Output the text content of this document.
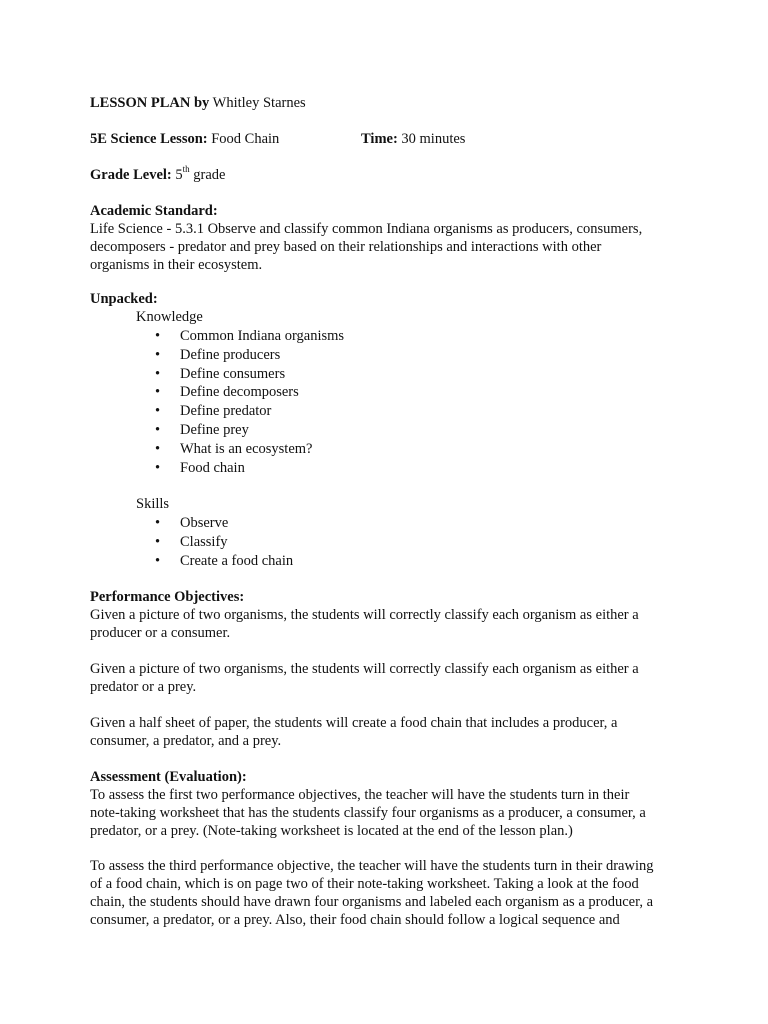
LESSON PLAN by Whitley Starnes
5E Science Lesson: Food Chain	Time: 30 minutes
Grade Level: 5th grade
Academic Standard:
Life Science - 5.3.1 Observe and classify common Indiana organisms as producers, consumers,
decomposers - predator and prey based on their relationships and interactions with other
organisms in their ecosystem.
Unpacked:
Knowledge
• Common Indiana organisms
• Define producers
• Define consumers
• Define decomposers
• Define predator
• Define prey
• What is an ecosystem?
• Food chain
Skills
• Observe
• Classify
• Create a food chain
Performance Objectives:
Given a picture of two organisms, the students will correctly classify each organism as either a
producer or a consumer.
Given a picture of two organisms, the students will correctly classify each organism as either a
predator or a prey.
Given a half sheet of paper, the students will create a food chain that includes a producer, a
consumer, a predator, and a prey.
Assessment (Evaluation):
To assess the first two performance objectives, the teacher will have the students turn in their
note-taking worksheet that has the students classify four organisms as a producer, a consumer, a
predator, or a prey. (Note-taking worksheet is located at the end of the lesson plan.)
To assess the third performance objective, the teacher will have the students turn in their drawing
of a food chain, which is on page two of their note-taking worksheet. Taking a look at the food
chain, the students should have drawn four organisms and labeled each organism as a producer, a
consumer, a predator, or a prey. Also, their food chain should follow a logical sequence and
